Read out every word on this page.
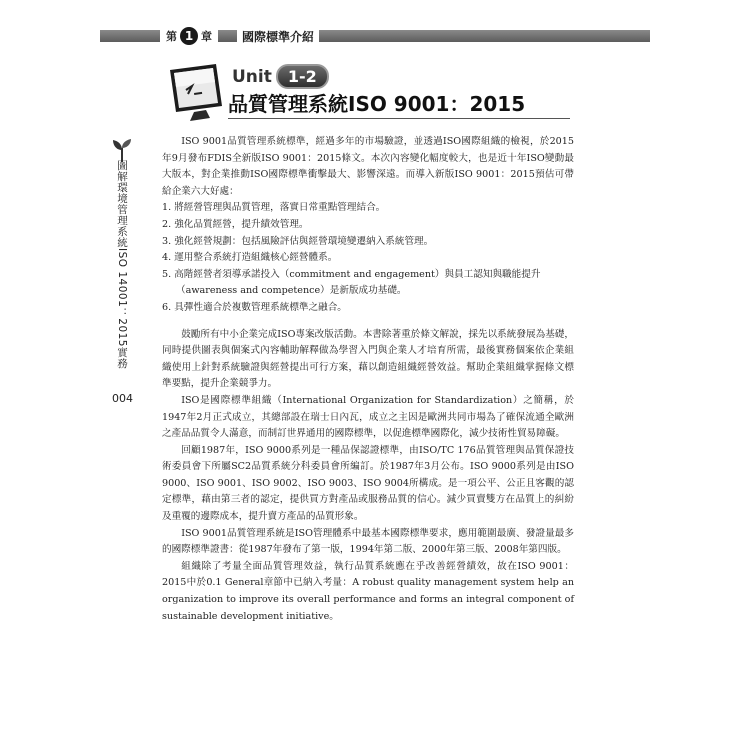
第 1 章	國際標準介紹
Unit	1-2
品質管理系統ISO 9001：2015
圖解環境管理系統ISO 14001：2015實務
004

ISO 9001品質管理系統標準，經過多年的市場驗證，並透過ISO國際組織的檢視，於2015年9月發布FDIS全新版ISO 9001：2015條文。本次內容變化幅度較大，也是近十年ISO變動最大版本，對企業推動ISO國際標準衝擊最大、影響深遠。而導入新版ISO 9001：2015預估可帶給企業六大好處：

1. 將經營管理與品質管理，落實日常重點管理結合。
2. 強化品質經營，提升績效管理。
3. 強化經營規劃：包括風險評估與經營環境變遷納入系統管理。
4. 運用整合系統打造組織核心經營體系。
5. 高階經營者須導承諾投入（commitment and engagement）與員工認知與職能提升
（awareness and competence）是新版成功基礎。
6. 具彈性適合於複數管理系統標準之融合。

鼓勵所有中小企業完成ISO專案改版活動。本書除著重於條文解說，採先以系統發展為基礎，同時提供圖表與個案式內容輔助解釋做為學習入門與企業人才培育所需，最後實務個案依企業組織使用上針對系統驗證與經營提出可行方案，藉以創造組織經營效益。幫助企業組織掌握條文標準要點，提升企業競爭力。

ISO是國際標準組織（International Organization for Standardization）之簡稱，於1947年2月正式成立，其總部設在瑞士日內瓦，成立之主因是歐洲共同市場為了確保流通全歐洲之產品品質令人滿意，而制訂世界通用的國際標準，以促進標準國際化，減少技術性貿易障礙。

回顧1987年，ISO 9000系列是一種品保認證標準，由ISO/TC 176品質管理與品質保證技術委員會下所屬SC2品質系統分科委員會所編訂。於1987年3月公布。ISO 9000系列是由ISO 9000、ISO 9001、ISO 9002、ISO 9003、ISO 9004所構成。是一項公平、公正且客觀的認定標準，藉由第三者的認定，提供買方對產品或服務品質的信心。減少買賣雙方在品質上的糾紛及重覆的邊際成本，提升賣方產品的品質形象。

ISO 9001品質管理系統是ISO管理體系中最基本國際標準要求，應用範圍最廣、發證量最多的國際標準證書：從1987年發布了第一版，1994年第二版、2000年第三版、2008年第四版。

組織除了考量全面品質管理效益，執行品質系統應在乎改善經營績效，故在ISO 9001：2015中於0.1 General章節中已納入考量：A robust quality management system help an organization to improve its overall performance and forms an integral component of sustainable development initiative。
